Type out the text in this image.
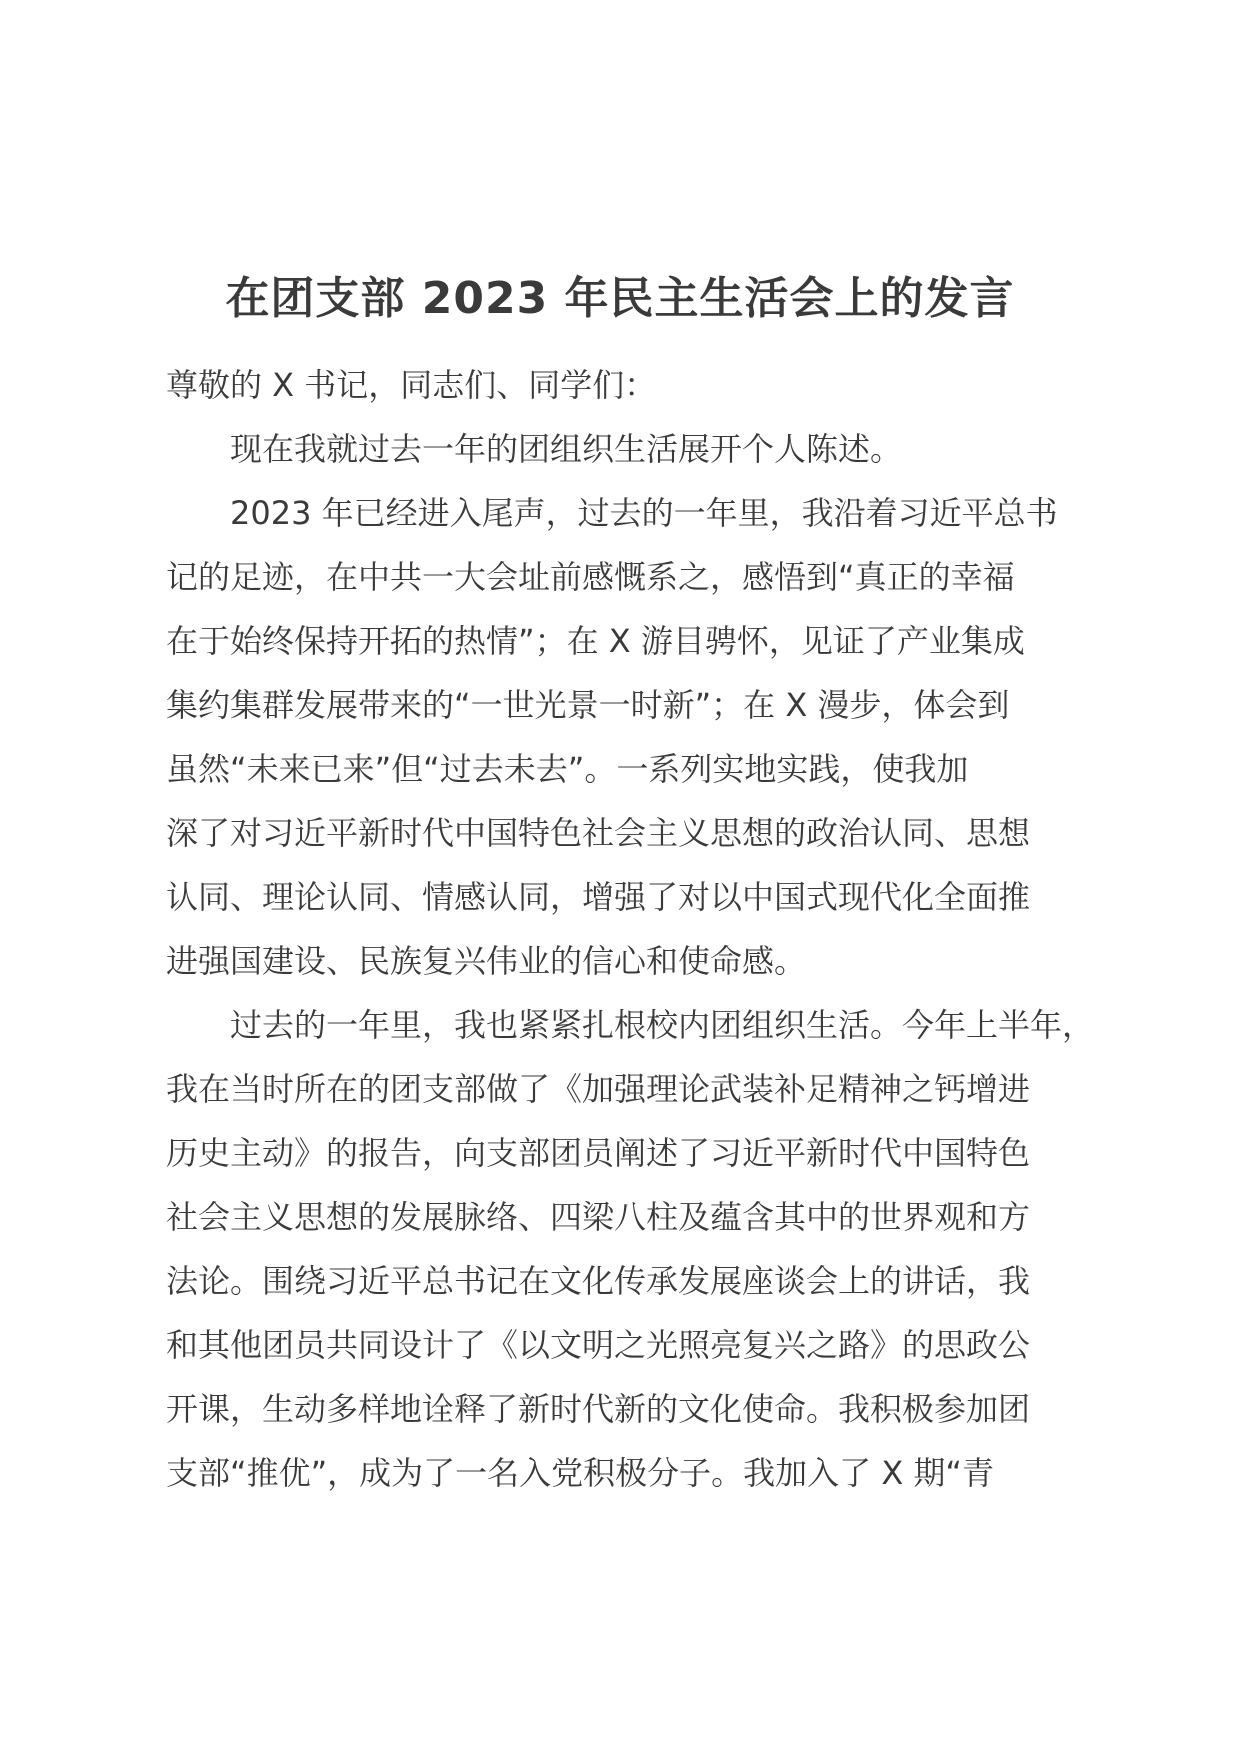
在团支部 2023 年民主生活会上的发言
尊敬的 X 书记，同志们、同学们：
　　现在我就过去一年的团组织生活展开个人陈述。
　　2023 年已经进入尾声，过去的一年里，我沿着习近平总书
记的足迹，在中共一大会址前感慨系之，感悟到“真正的幸福
在于始终保持开拓的热情”；在 X 游目骋怀，见证了产业集成
集约集群发展带来的“一世光景一时新”；在 X 漫步，体会到
虽然“未来已来”但“过去未去”。一系列实地实践，使我加
深了对习近平新时代中国特色社会主义思想的政治认同、思想
认同、理论认同、情感认同，增强了对以中国式现代化全面推
进强国建设、民族复兴伟业的信心和使命感。
　　过去的一年里，我也紧紧扎根校内团组织生活。今年上半年，
我在当时所在的团支部做了《加强理论武装补足精神之钙增进
历史主动》的报告，向支部团员阐述了习近平新时代中国特色
社会主义思想的发展脉络、四梁八柱及蕴含其中的世界观和方
法论。围绕习近平总书记在文化传承发展座谈会上的讲话，我
和其他团员共同设计了《以文明之光照亮复兴之路》的思政公
开课，生动多样地诠释了新时代新的文化使命。我积极参加团
支部“推优”，成为了一名入党积极分子。我加入了 X 期“青
